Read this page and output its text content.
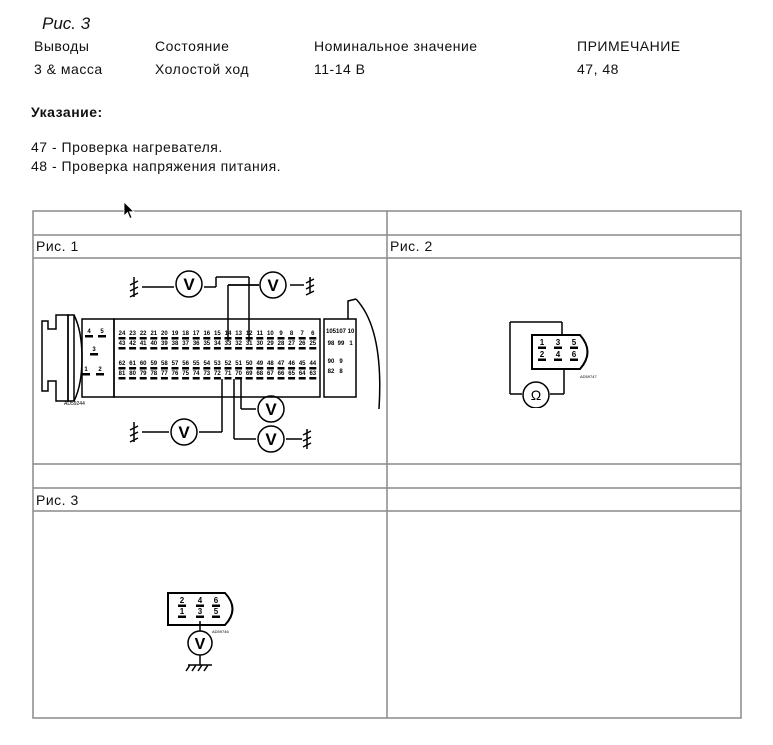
Рис. 3
Выводы	Состояние	Номинальное значение	ПРИМЕЧАНИЕ
3 & масса	Холостой ход	11-14 В	47, 48
Указание:
47 - Проверка нагревателя.
48 - Проверка напряжения питания.
Рис. 1	Рис. 2
Рис. 3
V	V
V
V
V
24 23 22 21 20 19 18 17 16 15 14 13 12 11 10 9 8 7 6
43 42 41 40 39 38 37 36 35 34 33 32 31 30 29 28 27 26 25
62 61 60 59 58 57 56 55 54 53 52 51 50 49 48 47 46 45 44
81 80 79 78 77 76 75 74 73 72 71 70 69 68 67 66 65 64 63
4 5
3
1 2
105 107 10
98 99 1
90 9
82 8
AD59244
1 3 5
2 4 6
Ω
AD59747
2 4 6
1 3 5
V
AD59746
